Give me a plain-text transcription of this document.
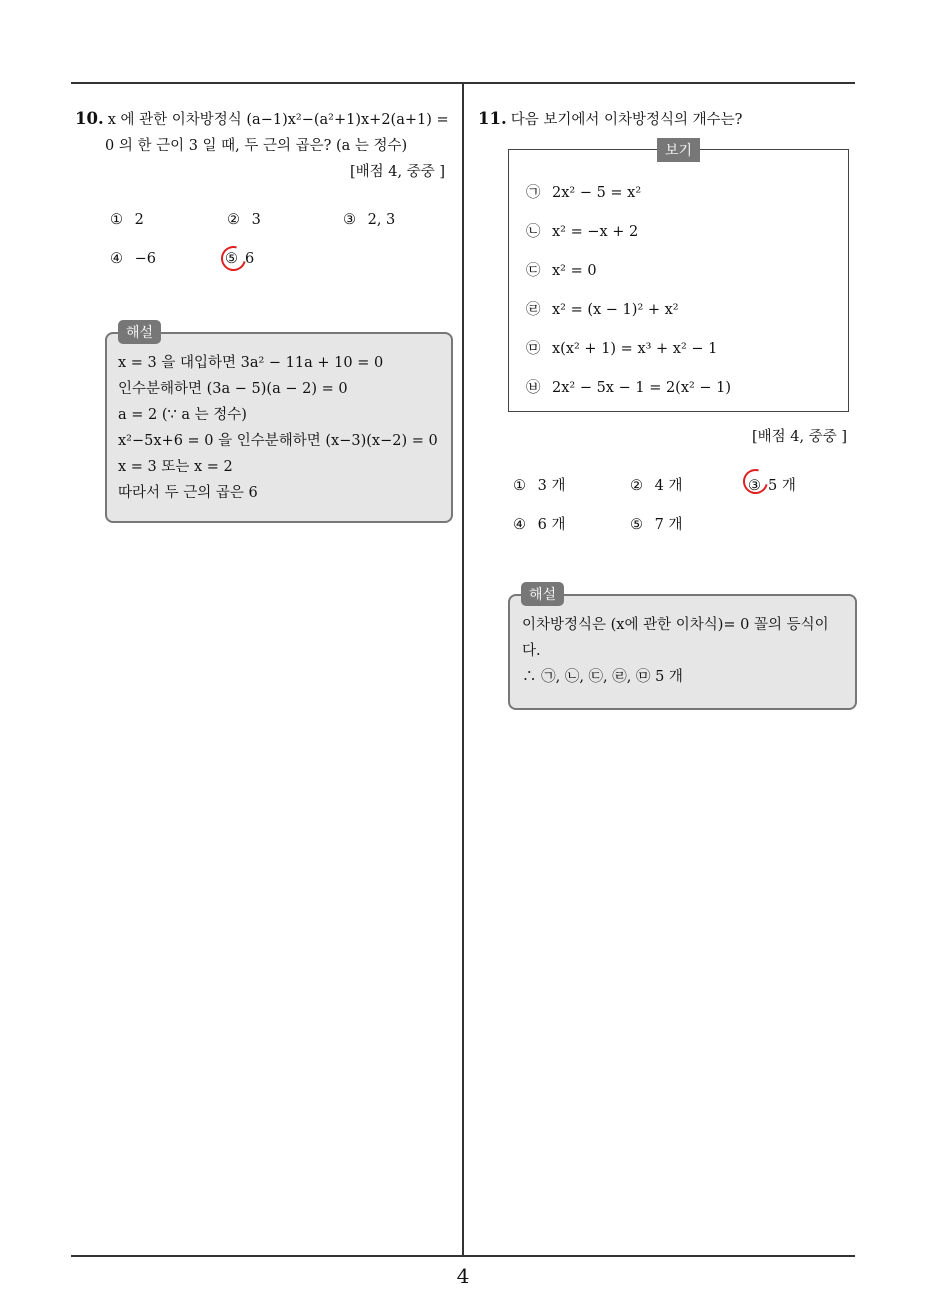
4
10. x 에 관한 이차방정식 (a−1)x²−(a²+1)x+2(a+1) =
0 의 한 근이 3 일 때, 두 근의 곱은? (a 는 정수)
[배점 4, 중중 ]
① 2	② 3	③ 2, 3
④ −6	⑤ 6
x = 3 을 대입하면 3a² − 11a + 10 = 0
인수분해하면 (3a − 5)(a − 2) = 0
a = 2 (∵ a 는 정수)
x²−5x+6 = 0 을 인수분해하면 (x−3)(x−2) = 0
x = 3 또는 x = 2
따라서 두 근의 곱은 6
해설
11. 다음 보기에서 이차방정식의 개수는?
㉠ 2x² − 5 = x²
㉡ x² = −x + 2
㉢ x² = 0
㉣ x² = (x − 1)² + x²
㉤ x(x² + 1) = x³ + x² − 1
㉥ 2x² − 5x − 1 = 2(x² − 1)
보기
[배점 4, 중중 ]
① 3 개	② 4 개	③ 5 개
④ 6 개	⑤ 7 개
이차방정식은 (x에 관한 이차식)= 0 꼴의 등식이
다.
∴ ㉠, ㉡, ㉢, ㉣, ㉤ 5 개
해설
